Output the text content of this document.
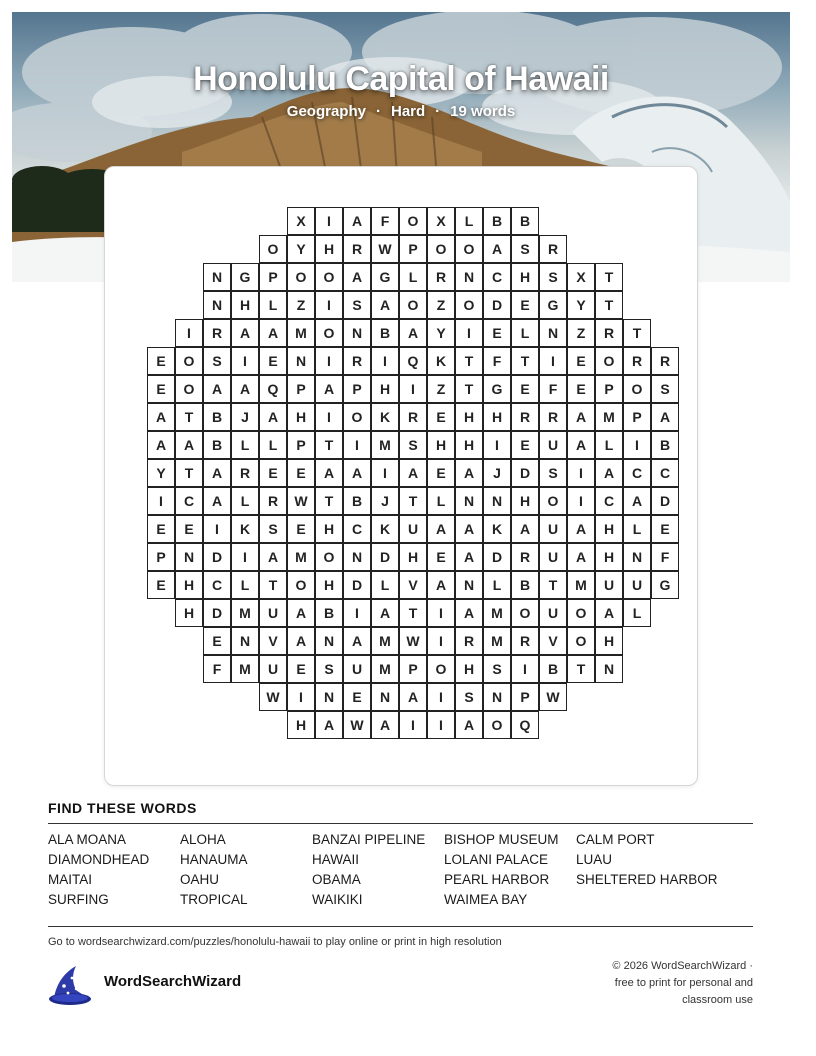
Honolulu Capital of Hawaii
Geography · Hard · 19 words
X	I	A	F	O	X	L	B	B
O	Y	H	R	W	P	O	O	A	S	R
N	G	P	O	O	A	G	L	R	N	C	H	S	X	T
N	H	L	Z	I	S	A	O	Z	O	D	E	G	Y	T
I	R	A	A	M	O	N	B	A	Y	I	E	L	N	Z	R	T
E	O	S	I	E	N	I	R	I	Q	K	T	F	T	I	E	O	R	R
E	O	A	A	Q	P	A	P	H	I	Z	T	G	E	F	E	P	O	S
A	T	B	J	A	H	I	O	K	R	E	H	H	R	R	A	M	P	A
A	A	B	L	L	P	T	I	M	S	H	H	I	E	U	A	L	I	B
Y	T	A	R	E	E	A	A	I	A	E	A	J	D	S	I	A	C	C
I	C	A	L	R	W	T	B	J	T	L	N	N	H	O	I	C	A	D
E	E	I	K	S	E	H	C	K	U	A	A	K	A	U	A	H	L	E
P	N	D	I	A	M	O	N	D	H	E	A	D	R	U	A	H	N	F
E	H	C	L	T	O	H	D	L	V	A	N	L	B	T	M	U	U	G
H	D	M	U	A	B	I	A	T	I	A	M	O	U	O	A	L
E	N	V	A	N	A	M	W	I	R	M	R	V	O	H
F	M	U	E	S	U	M	P	O	H	S	I	B	T	N
W	I	N	E	N	A	I	S	N	P	W
H	A	W	A	I	I	A	O	Q
FIND THESE WORDS
ALA MOANA
DIAMONDHEAD
MAITAI
SURFING
ALOHA
HANAUMA
OAHU
TROPICAL
BANZAI PIPELINE
HAWAII
OBAMA
WAIKIKI
BISHOP MUSEUM
LOLANI PALACE
PEARL HARBOR
WAIMEA BAY
CALM PORT
LUAU
SHELTERED HARBOR
Go to wordsearchwizard.com/puzzles/honolulu-hawaii to play online or print in high resolution
WordSearchWizard
© 2026 WordSearchWizard ·
free to print for personal and
classroom use
